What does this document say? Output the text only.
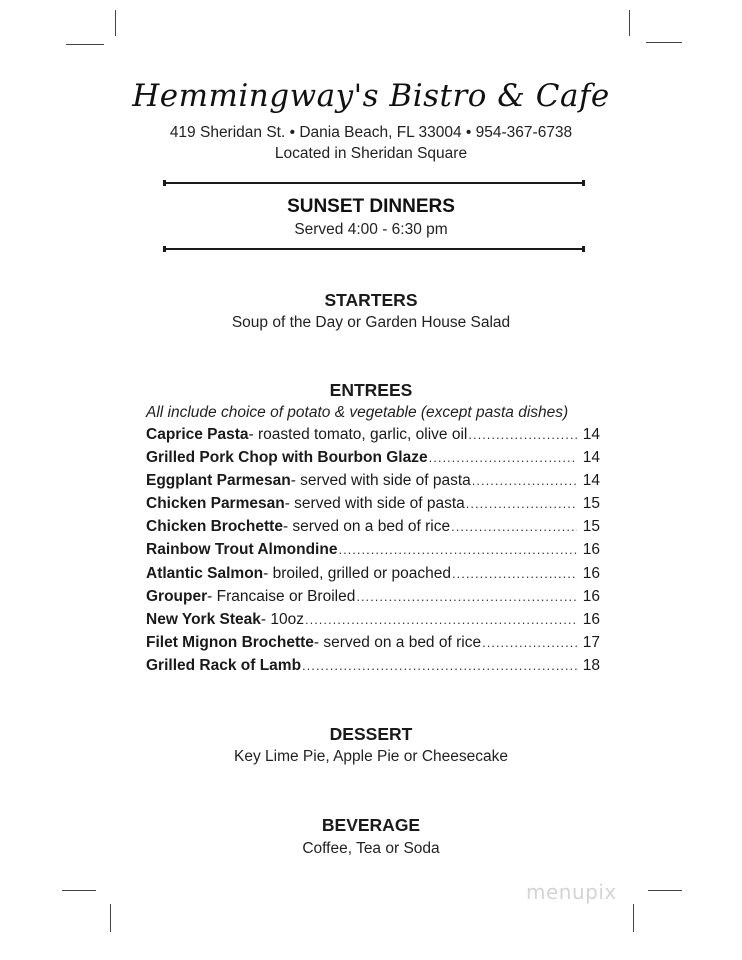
Hemmingway's Bistro & Cafe
419 Sheridan St. • Dania Beach, FL 33004 • 954-367-6738
Located in Sheridan Square
SUNSET DINNERS
Served 4:00 - 6:30 pm
STARTERS
Soup of the Day or Garden House Salad
ENTREES
All include choice of potato & vegetable (except pasta dishes)
Caprice Pasta - roasted tomato, garlic, olive oil .....	14
Grilled Pork Chop with Bourbon Glaze .....	14
Eggplant Parmesan - served with side of pasta .....	14
Chicken Parmesan - served with side of pasta .....	15
Chicken Brochette - served on a bed of rice .....	15
Rainbow Trout Almondine .....	16
Atlantic Salmon - broiled, grilled or poached .....	16
Grouper - Francaise or Broiled .....	16
New York Steak - 10oz .....	16
Filet Mignon Brochette - served on a bed of rice .....	17
Grilled Rack of Lamb .....	18
DESSERT
Key Lime Pie, Apple Pie or Cheesecake
BEVERAGE
Coffee, Tea or Soda
menupix
